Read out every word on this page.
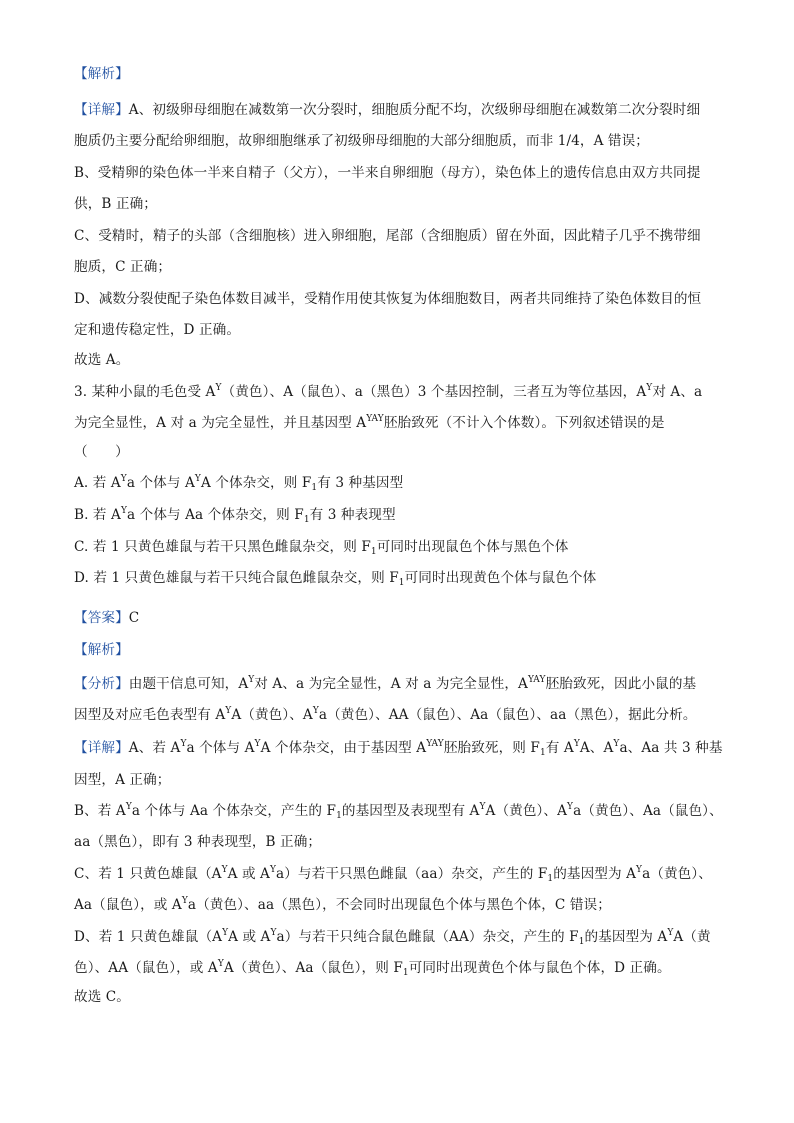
【解析】
【详解】A、初级卵母细胞在减数第一次分裂时，细胞质分配不均，次级卵母细胞在减数第二次分裂时细
胞质仍主要分配给卵细胞，故卵细胞继承了初级卵母细胞的大部分细胞质，而非 1/4，A 错误；
B、受精卵的染色体一半来自精子（父方），一半来自卵细胞（母方），染色体上的遗传信息由双方共同提
供，B 正确；
C、受精时，精子的头部（含细胞核）进入卵细胞，尾部（含细胞质）留在外面，因此精子几乎不携带细
胞质，C 正确；
D、减数分裂使配子染色体数目减半，受精作用使其恢复为体细胞数目，两者共同维持了染色体数目的恒
定和遗传稳定性，D 正确。
故选 A。
3. 某种小鼠的毛色受 $A^Y$（黄色）、A（鼠色）、a（黑色）3 个基因控制，三者互为等位基因，$A^Y$对 A、a
为完全显性，A 对 a 为完全显性，并且基因型 $A^{YAY}$胚胎致死（不计入个体数）。下列叙述错误的是
（　　）
A. 若 $A^Ya$ 个体与 $A^YA$ 个体杂交，则 $F_1$有 3 种基因型
B. 若 $A^Ya$ 个体与 Aa 个体杂交，则 $F_1$有 3 种表现型
C. 若 1 只黄色雄鼠与若干只黑色雌鼠杂交，则 $F_1$可同时出现鼠色个体与黑色个体
D. 若 1 只黄色雄鼠与若干只纯合鼠色雌鼠杂交，则 $F_1$可同时出现黄色个体与鼠色个体
【答案】C
【解析】
【分析】由题干信息可知，$A^Y$对 A、a 为完全显性，A 对 a 为完全显性，$A^{YAY}$胚胎致死，因此小鼠的基
因型及对应毛色表型有 $A^YA$（黄色）、$A^Ya$（黄色）、AA（鼠色）、Aa（鼠色）、aa（黑色），据此分析。
【详解】A、若 $A^Ya$ 个体与 $A^YA$ 个体杂交，由于基因型 $A^{YAY}$胚胎致死，则 $F_1$有 $A^YA$、$A^Ya$、Aa 共 3 种基
因型，A 正确；
B、若 $A^Ya$ 个体与 Aa 个体杂交，产生的 $F_1$的基因型及表现型有 $A^YA$（黄色）、$A^Ya$（黄色）、Aa（鼠色）、
aa（黑色），即有 3 种表现型，B 正确；
C、若 1 只黄色雄鼠（$A^YA$ 或 $A^Ya$）与若干只黑色雌鼠（aa）杂交，产生的 $F_1$的基因型为 $A^Ya$（黄色）、
Aa（鼠色），或 $A^Ya$（黄色）、aa（黑色），不会同时出现鼠色个体与黑色个体，C 错误；
D、若 1 只黄色雄鼠（$A^YA$ 或 $A^Ya$）与若干只纯合鼠色雌鼠（AA）杂交，产生的 $F_1$的基因型为 $A^YA$（黄
色）、AA（鼠色），或 $A^YA$（黄色）、Aa（鼠色），则 $F_1$可同时出现黄色个体与鼠色个体，D 正确。
故选 C。
